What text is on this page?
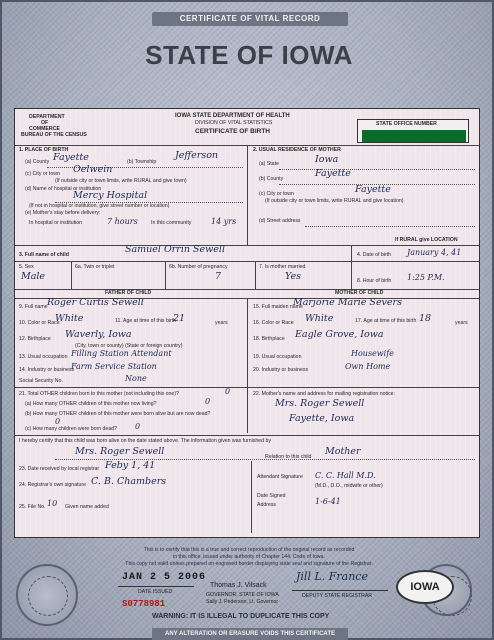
CERTIFICATE OF VITAL RECORD
STATE OF IOWA
DEPARTMENT
OF
COMMERCE
BUREAU OF THE CENSUS
IOWA STATE DEPARTMENT OF HEALTH
DIVISION OF VITAL STATISTICS
CERTIFICATE OF BIRTH
STATE OFFICE NUMBER
1. PLACE OF BIRTH
(a) County Fayette	(b) Township
Jefferson
(c) City or town Oelwein
(If outside city or town limits, write RURAL and give town)
(d) Name of hospital or institution
Mercy Hospital
(If not in hospital or institution, give street number or location)
(e) Mother's stay before delivery:
In hospital or institution	7 hours	In this community 14 yrs
2. USUAL RESIDENCE OF MOTHER
(a) State	Iowa
(b) County	Fayette
(c) City or town	Fayette
(If outside city or town limits, write RURAL and give location)
(d) Street address
If RURAL give LOCATION
3. Full name of child	Samuel Orrin Sewell	4. Date of birth January 4, 41
5. Sex
Male
6a. Twin or triplet	6b. Number of pregnancy
7
7. Is mother married
Yes	8. Hour of birth 1:25 P.M.
FATHER OF CHILD	MOTHER OF CHILD
9. Full name Roger Curtis Sewell
10. Color or Race
White	11. Age at time of this birth
21	years
12. Birthplace Waverly, Iowa
(City, town or county) (State or foreign country)
13. Usual occupation Filling Station Attendant
14. Industry or business
Farm Service Station
Social Security No.	None
15. Full maiden name
Marjorie Marie Severs
16. Color or Race White	17. Age at time of this birth 18	years
18. Birthplace Eagle Grove, Iowa
19. Usual occupation	Housewife
20. Industry or business	Own Home
21. Total OTHER children born to this mother (not including this one)?	0
(a) How many OTHER children of this mother now living?	0
(b) How many OTHER children of this mother were born alive but are now dead?
0
(c) How many children were born dead? 0
22. Mother's name and address for mailing registration notice:
Mrs. Roger Sewell
Fayette, Iowa
I hereby certify that this child was born alive on the date stated above. The information given was furnished by
Mrs. Roger Sewell	Relation to this child Mother
23. Date received by local registrar Feby 1, 41
24. Registrar's own signature C. B. Chambers	Attendant Signature C. C. Hall M.D.
(M.D., D.O., midwife or other)
Date Signed
Address	1-6-41
25. File No. 10 Given name added
This is to certify that this is a true and correct reproduction of the original record as recorded
in this office, issued under authority of Chapter 144, Code of Iowa.
This copy not valid unless prepared on engraved border displaying state seal and signature of the Registrar.
JAN 2 5 2006
DATE ISSUED
S0778981
Thomas J. Vilsack
GOVERNOR, STATE OF IOWA
Sally J. Pederson, Lt. Governor
Jill L. France
DEPUTY STATE REGISTRAR
IOWA
WARNING: IT IS ILLEGAL TO DUPLICATE THIS COPY
ANY ALTERATION OR ERASURE VOIDS THIS CERTIFICATE
